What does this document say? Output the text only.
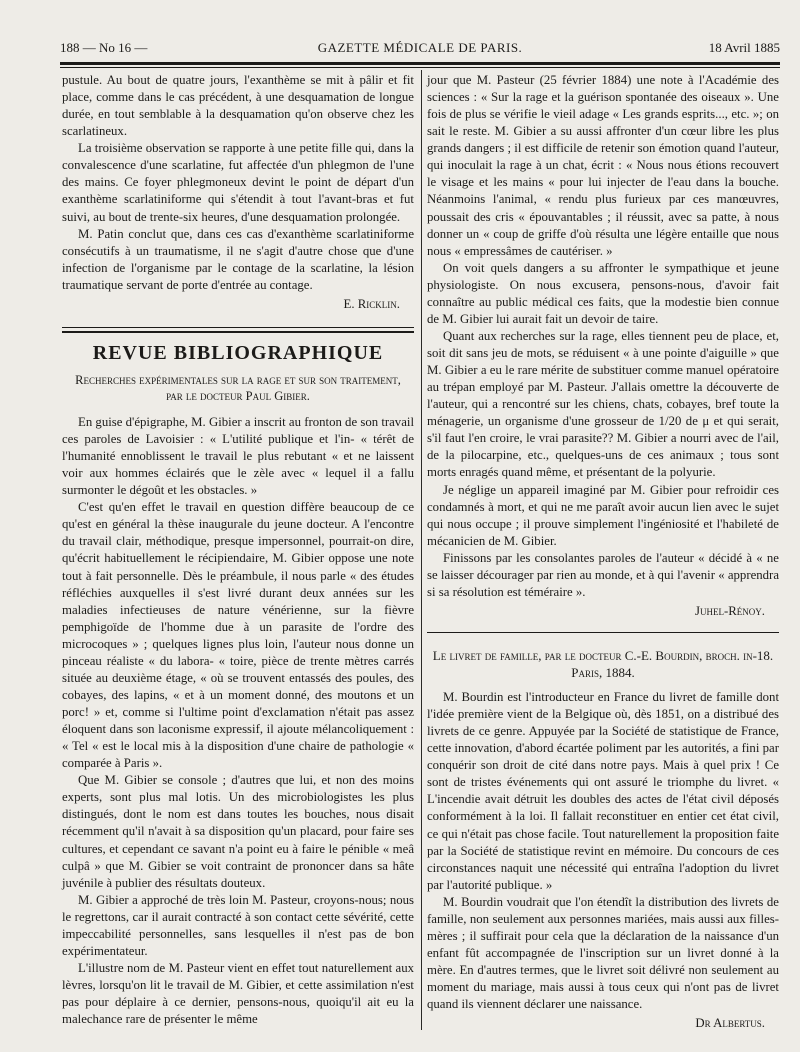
188 — No 16 —	GAZETTE MÉDICALE DE PARIS.	18 Avril 1885

pustule. Au bout de quatre jours, l'exanthème se mit à pâlir et fit place, comme dans le cas précédent, à une desquamation de longue durée, en tout semblable à la desquamation qu'on observe chez les scarlatineux.

La troisième observation se rapporte à une petite fille qui, dans la convalescence d'une scarlatine, fut affectée d'un phlegmon de l'une des mains. Ce foyer phlegmoneux devint le point de départ d'un exanthème scarlatiniforme qui s'étendit à tout l'avant-bras et fut suivi, au bout de trente-six heures, d'une desquamation prolongée.

M. Patin conclut que, dans ces cas d'exanthème scarlatiniforme consécutifs à un traumatisme, il ne s'agit d'autre chose que d'une infection de l'organisme par le contage de la scarlatine, la lésion traumatique servant de porte d'entrée au contage.

E. Ricklin.
REVUE BIBLIOGRAPHIQUE
Recherches expérimentales sur la rage et sur son traitement, par le docteur Paul Gibier.

En guise d'épigraphe, M. Gibier a inscrit au fronton de son travail ces paroles de Lavoisier : « L'utilité publique et l'in- « térêt de l'humanité ennoblissent le travail le plus rebutant « et ne laissent voir aux hommes éclairés que le zèle avec « lequel il a fallu surmonter le dégoût et les obstacles. »

C'est qu'en effet le travail en question diffère beaucoup de ce qu'est en général la thèse inaugurale du jeune docteur. A l'encontre du travail clair, méthodique, presque impersonnel, pourrait-on dire, qu'écrit habituellement le récipiendaire, M. Gibier oppose une note tout à fait personnelle. Dès le préambule, il nous parle « des études réfléchies auxquelles il s'est livré durant deux années sur les maladies infectieuses de nature vénérienne, sur la fièvre pemphigoïde de l'homme due à un parasite de l'ordre des microcoques » ; quelques lignes plus loin, l'auteur nous donne un pinceau réaliste « du labora- « toire, pièce de trente mètres carrés située au deuxième étage, « où se trouvent entassés des poules, des cobayes, des lapins, « et à un moment donné, des moutons et un porc! » et, comme si l'ultime point d'exclamation n'était pas assez éloquent dans son laconisme expressif, il ajoute mélancoliquement : « Tel « est le local mis à la disposition d'une chaire de pathologie « comparée à Paris ».

Que M. Gibier se console ; d'autres que lui, et non des moins experts, sont plus mal lotis. Un des microbiologistes les plus distingués, dont le nom est dans toutes les bouches, nous disait récemment qu'il n'avait à sa disposition qu'un placard, pour faire ses cultures, et cependant ce savant n'a point eu à faire le pénible « meâ culpâ » que M. Gibier se voit contraint de prononcer dans sa hâte juvénile à publier des résultats douteux.

M. Gibier a approché de très loin M. Pasteur, croyons-nous; nous le regrettons, car il aurait contracté à son contact cette sévérité, cette impeccabilité personnelles, sans lesquelles il n'est pas de bon expérimentateur.

L'illustre nom de M. Pasteur vient en effet tout naturellement aux lèvres, lorsqu'on lit le travail de M. Gibier, et cette assimilation n'est pas pour déplaire à ce dernier, pensons-nous, quoiqu'il ait eu la malechance rare de présenter le même

jour que M. Pasteur (25 février 1884) une note à l'Académie des sciences : « Sur la rage et la guérison spontanée des oiseaux ». Une fois de plus se vérifie le vieil adage « Les grands esprits..., etc. »; on sait le reste. M. Gibier a su aussi affronter d'un cœur libre les plus grands dangers ; il est difficile de retenir son émotion quand l'auteur, qui inoculait la rage à un chat, écrit : « Nous nous étions recouvert le visage et les mains « pour lui injecter de l'eau dans la bouche. Néanmoins l'animal, « rendu plus furieux par ces manœuvres, poussait des cris « épouvantables ; il réussit, avec sa patte, à nous donner un « coup de griffe d'où résulta une légère entaille que nous nous « empressâmes de cautériser. »

On voit quels dangers a su affronter le sympathique et jeune physiologiste. On nous excusera, pensons-nous, d'avoir fait connaître au public médical ces faits, que la modestie bien connue de M. Gibier lui aurait fait un devoir de taire.

Quant aux recherches sur la rage, elles tiennent peu de place, et, soit dit sans jeu de mots, se réduisent « à une pointe d'aiguille » que M. Gibier a eu le rare mérite de substituer comme manuel opératoire au trépan employé par M. Pasteur. J'allais omettre la découverte de l'auteur, qui a rencontré sur les chiens, chats, cobayes, bref toute la ménagerie, un organisme d'une grosseur de 1/20 de μ et qui serait, s'il faut l'en croire, le vrai parasite?? M. Gibier a nourri avec de l'ail, de la pilocarpine, etc., quelques-uns de ces animaux ; tous sont morts enragés quand même, et présentant de la polyurie.

Je néglige un appareil imaginé par M. Gibier pour refroidir ces condamnés à mort, et qui ne me paraît avoir aucun lien avec le sujet qui nous occupe ; il prouve simplement l'ingéniosité et l'habileté de mécanicien de M. Gibier.

Finissons par les consolantes paroles de l'auteur « décidé à « ne se laisser décourager par rien au monde, et à qui l'avenir « apprendra si sa résolution est téméraire ».

Juhel-Rénoy.
Le livret de famille, par le docteur C.-E. Bourdin, broch. in-18. Paris, 1884.

M. Bourdin est l'introducteur en France du livret de famille dont l'idée première vient de la Belgique où, dès 1851, on a distribué des livrets de ce genre. Appuyée par la Société de statistique de France, cette innovation, d'abord écartée poliment par les autorités, a fini par conquérir son droit de cité dans notre pays. Mais à quel prix ! Ce sont de tristes événements qui ont assuré le triomphe du livret. « L'incendie avait détruit les doubles des actes de l'état civil déposés conformément à la loi. Il fallait reconstituer en entier cet état civil, ce qui n'était pas chose facile. Tout naturellement la proposition faite par la Société de statistique revint en mémoire. Du concours de ces circonstances naquit une nécessité qui entraîna l'adoption du livret par l'autorité publique. »

M. Bourdin voudrait que l'on étendît la distribution des livrets de famille, non seulement aux personnes mariées, mais aussi aux filles-mères ; il suffirait pour cela que la déclaration de la naissance d'un enfant fût accompagnée de l'inscription sur un livret donné à la mère. En d'autres termes, que le livret soit délivré non seulement au moment du mariage, mais aussi à tous ceux qui n'ont pas de livret quand ils viennent déclarer une naissance.

Dr Albertus.
